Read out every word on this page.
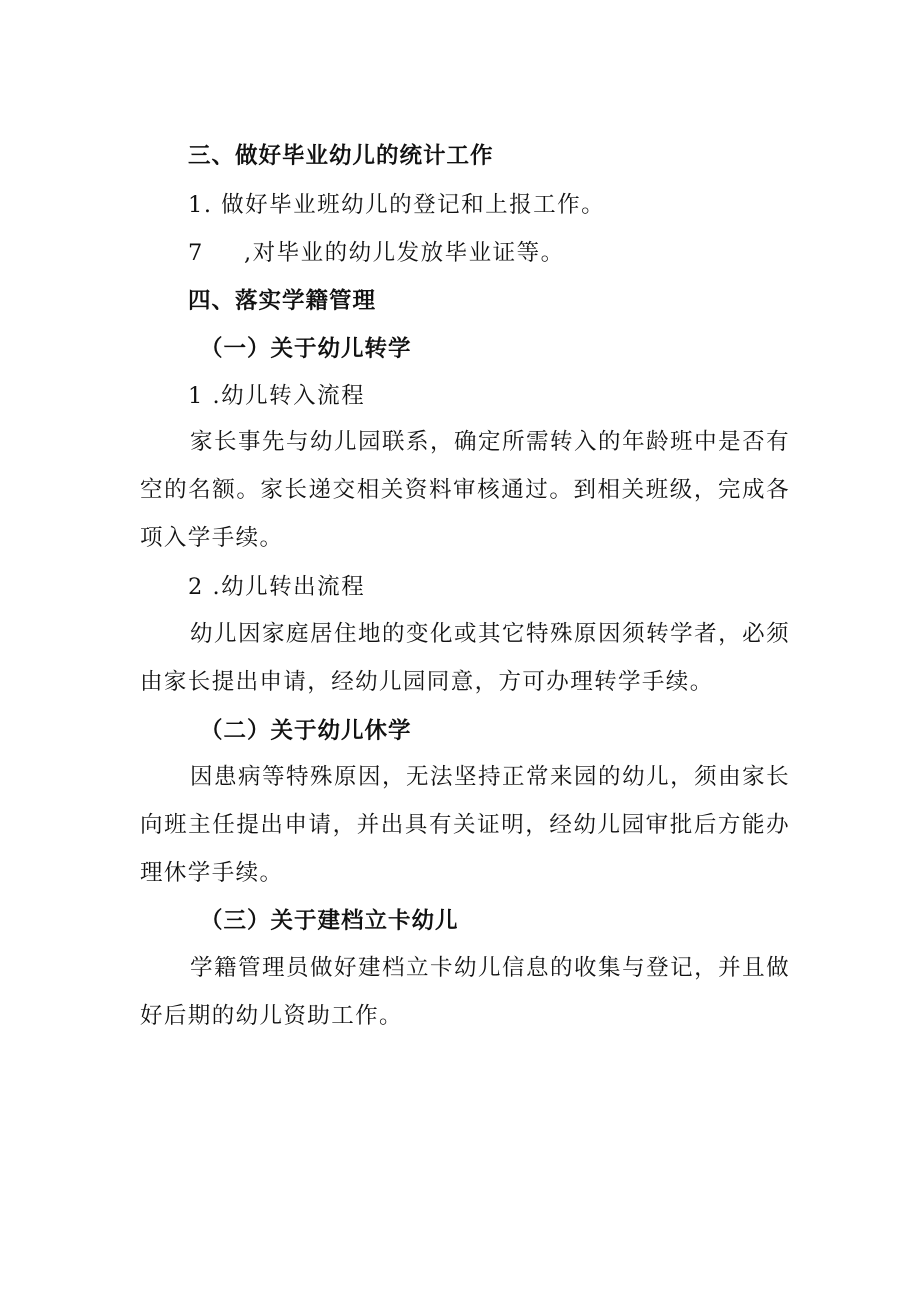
三、做好毕业幼儿的统计工作
1. 做好毕业班幼儿的登记和上报工作。
7 ,对毕业的幼儿发放毕业证等。
四、落实学籍管理
（一）关于幼儿转学
1 .幼儿转入流程
家长事先与幼儿园联系，确定所需转入的年龄班中是否有空的名额。家长递交相关资料审核通过。到相关班级，完成各项入学手续。
2 .幼儿转出流程
幼儿因家庭居住地的变化或其它特殊原因须转学者，必须由家长提出申请，经幼儿园同意，方可办理转学手续。
（二）关于幼儿休学
因患病等特殊原因，无法坚持正常来园的幼儿，须由家长向班主任提出申请，并出具有关证明，经幼儿园审批后方能办理休学手续。
（三）关于建档立卡幼儿
学籍管理员做好建档立卡幼儿信息的收集与登记，并且做好后期的幼儿资助工作。
